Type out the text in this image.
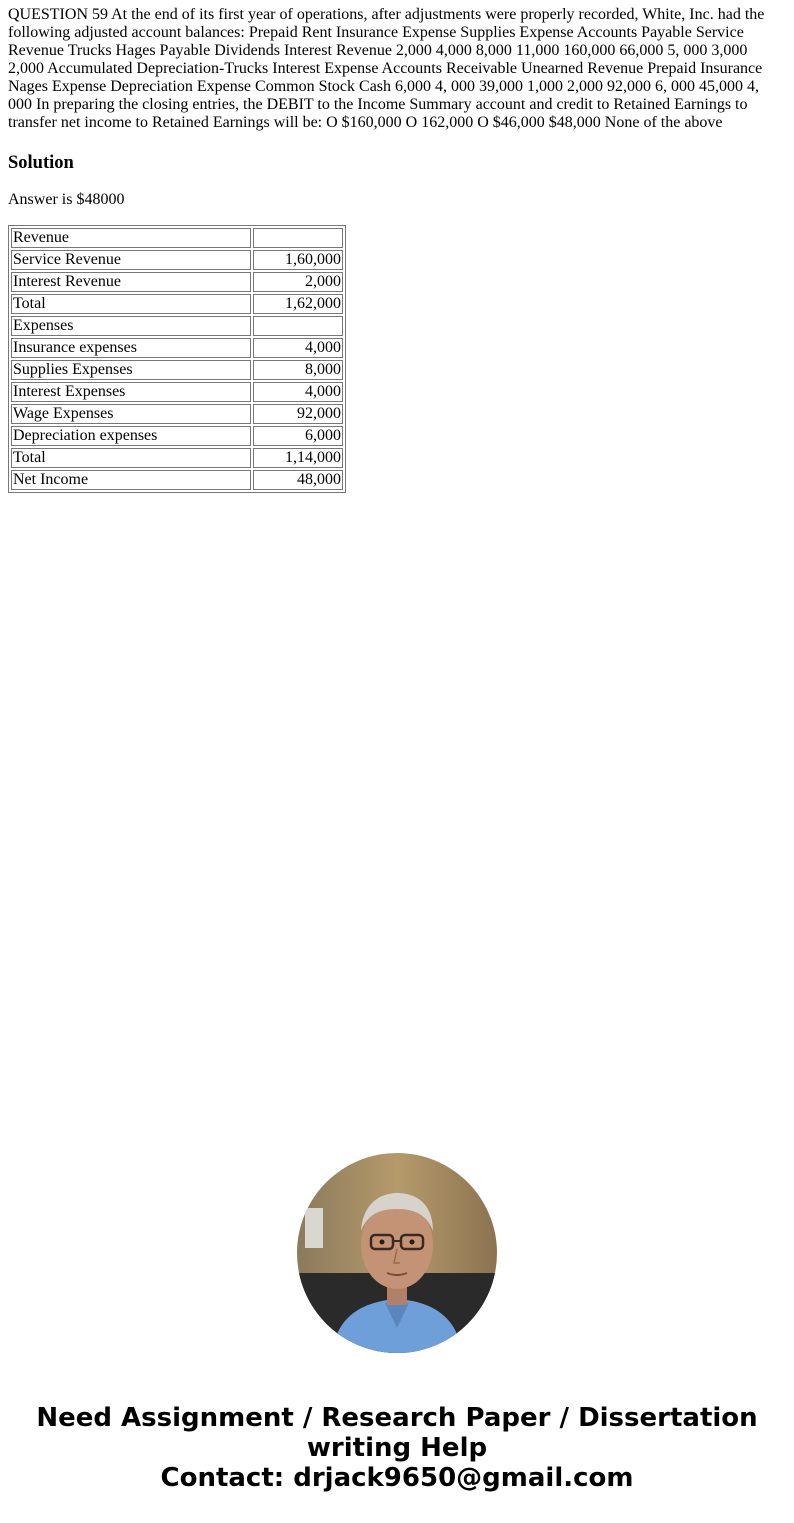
QUESTION 59 At the end of its first year of operations, after adjustments were properly recorded, White, Inc. had the following adjusted account balances: Prepaid Rent Insurance Expense Supplies Expense Accounts Payable Service Revenue Trucks Hages Payable Dividends Interest Revenue 2,000 4,000 8,000 11,000 160,000 66,000 5, 000 3,000 2,000 Accumulated Depreciation-Trucks Interest Expense Accounts Receivable Unearned Revenue Prepaid Insurance Nages Expense Depreciation Expense Common Stock Cash 6,000 4, 000 39,000 1,000 2,000 92,000 6, 000 45,000 4, 000 In preparing the closing entries, the DEBIT to the Income Summary account and credit to Retained Earnings to transfer net income to Retained Earnings will be: O $160,000 O 162,000 O $46,000 $48,000 None of the above

Solution

Answer is $48000

Revenue	
Service Revenue	1,60,000
Interest Revenue	2,000
Total	1,62,000
Expenses	
Insurance expenses	4,000
Supplies Expenses	8,000
Interest Expenses	4,000
Wage Expenses	92,000
Depreciation expenses	6,000
Total	1,14,000
Net Income	48,000
Need Assignment / Research Paper / Dissertation
writing Help
Contact: drjack9650@gmail.com
